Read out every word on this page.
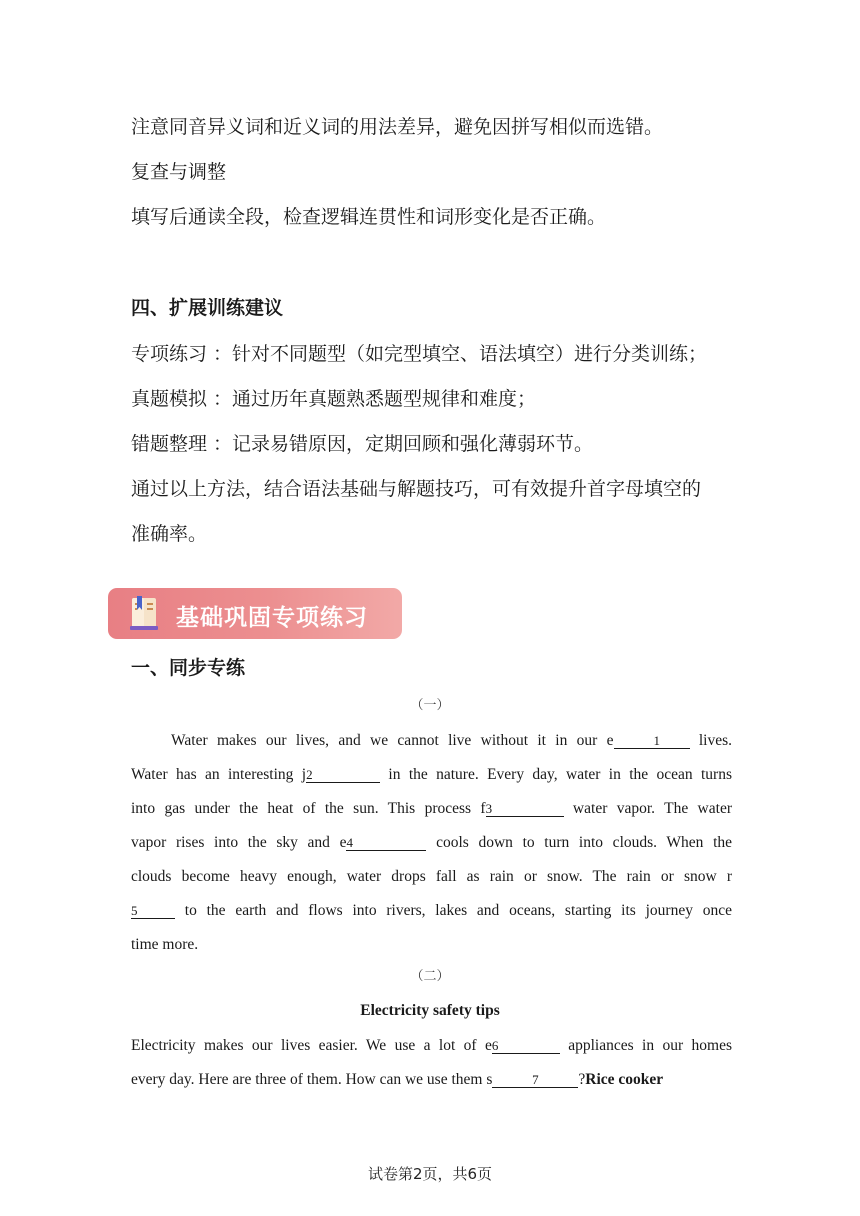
注意同音异义词和近义词的用法差异，避免因拼写相似而选错。
复查与调整
填写后通读全段，检查逻辑连贯性和词形变化是否正确。
四、扩展训练建议
专项练习 ：针对不同题型（如完型填空、语法填空）进行分类训练；
真题模拟 ：通过历年真题熟悉题型规律和难度；
错题整理 ：记录易错原因，定期回顾和强化薄弱环节。
通过以上方法，结合语法基础与解题技巧，可有效提升首字母填空的
准确率。
基础巩固专项练习
一、同步专练
（一）
Water makes our lives, and we cannot live without it in our e	1 lives.
Water has an interesting j2	in the nature. Every day, water in the ocean turns
into gas under the heat of the sun. This process f3	water vapor. The water
vapor rises into the sky and e4	cools down to turn into clouds. When the
clouds become heavy enough, water drops fall as rain or snow. The rain or snow r
5 to the earth and flows into rivers, lakes and oceans, starting its journey once
time more.
（二）
Electricity safety tips
Electricity makes our lives easier. We use a lot of e6	appliances in our homes
every day. Here are three of them. How can we use them s	7	?Rice cooker
试卷第2页，共6页
